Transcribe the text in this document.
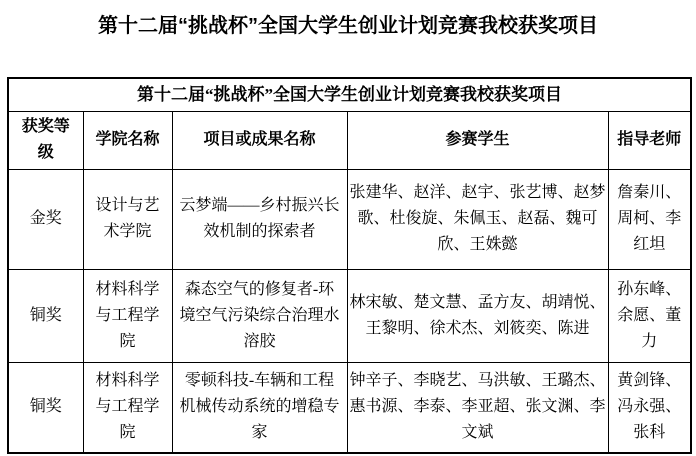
第十二届“挑战杯”全国大学生创业计划竞赛我校获奖项目
第十二届“挑战杯”全国大学生创业计划竞赛我校获奖项目				
获奖等级	学院名称	项目或成果名称	参赛学生	指导老师
金奖	设计与艺术学院	云梦端——乡村振兴长效机制的探索者	张建华、赵洋、赵宇、张艺博、赵梦歌、杜俊旋、朱佩玉、赵磊、魏可欣、王姝懿	詹秦川、周柯、李红坦
铜奖	材料科学与工程学院	森态空气的修复者-环境空气污染综合治理水溶胶	林宋敏、楚文慧、孟方友、胡靖悦、王黎明、徐术杰、刘筱奕、陈进	孙东峰、余愿、董力
铜奖	材料科学与工程学院	零顿科技-车辆和工程机械传动系统的增稳专家	钟辛子、李晓艺、马洪敏、王璐杰、惠书源、李泰、李亚超、张文渊、李文斌	黄剑锋、冯永强、张科
